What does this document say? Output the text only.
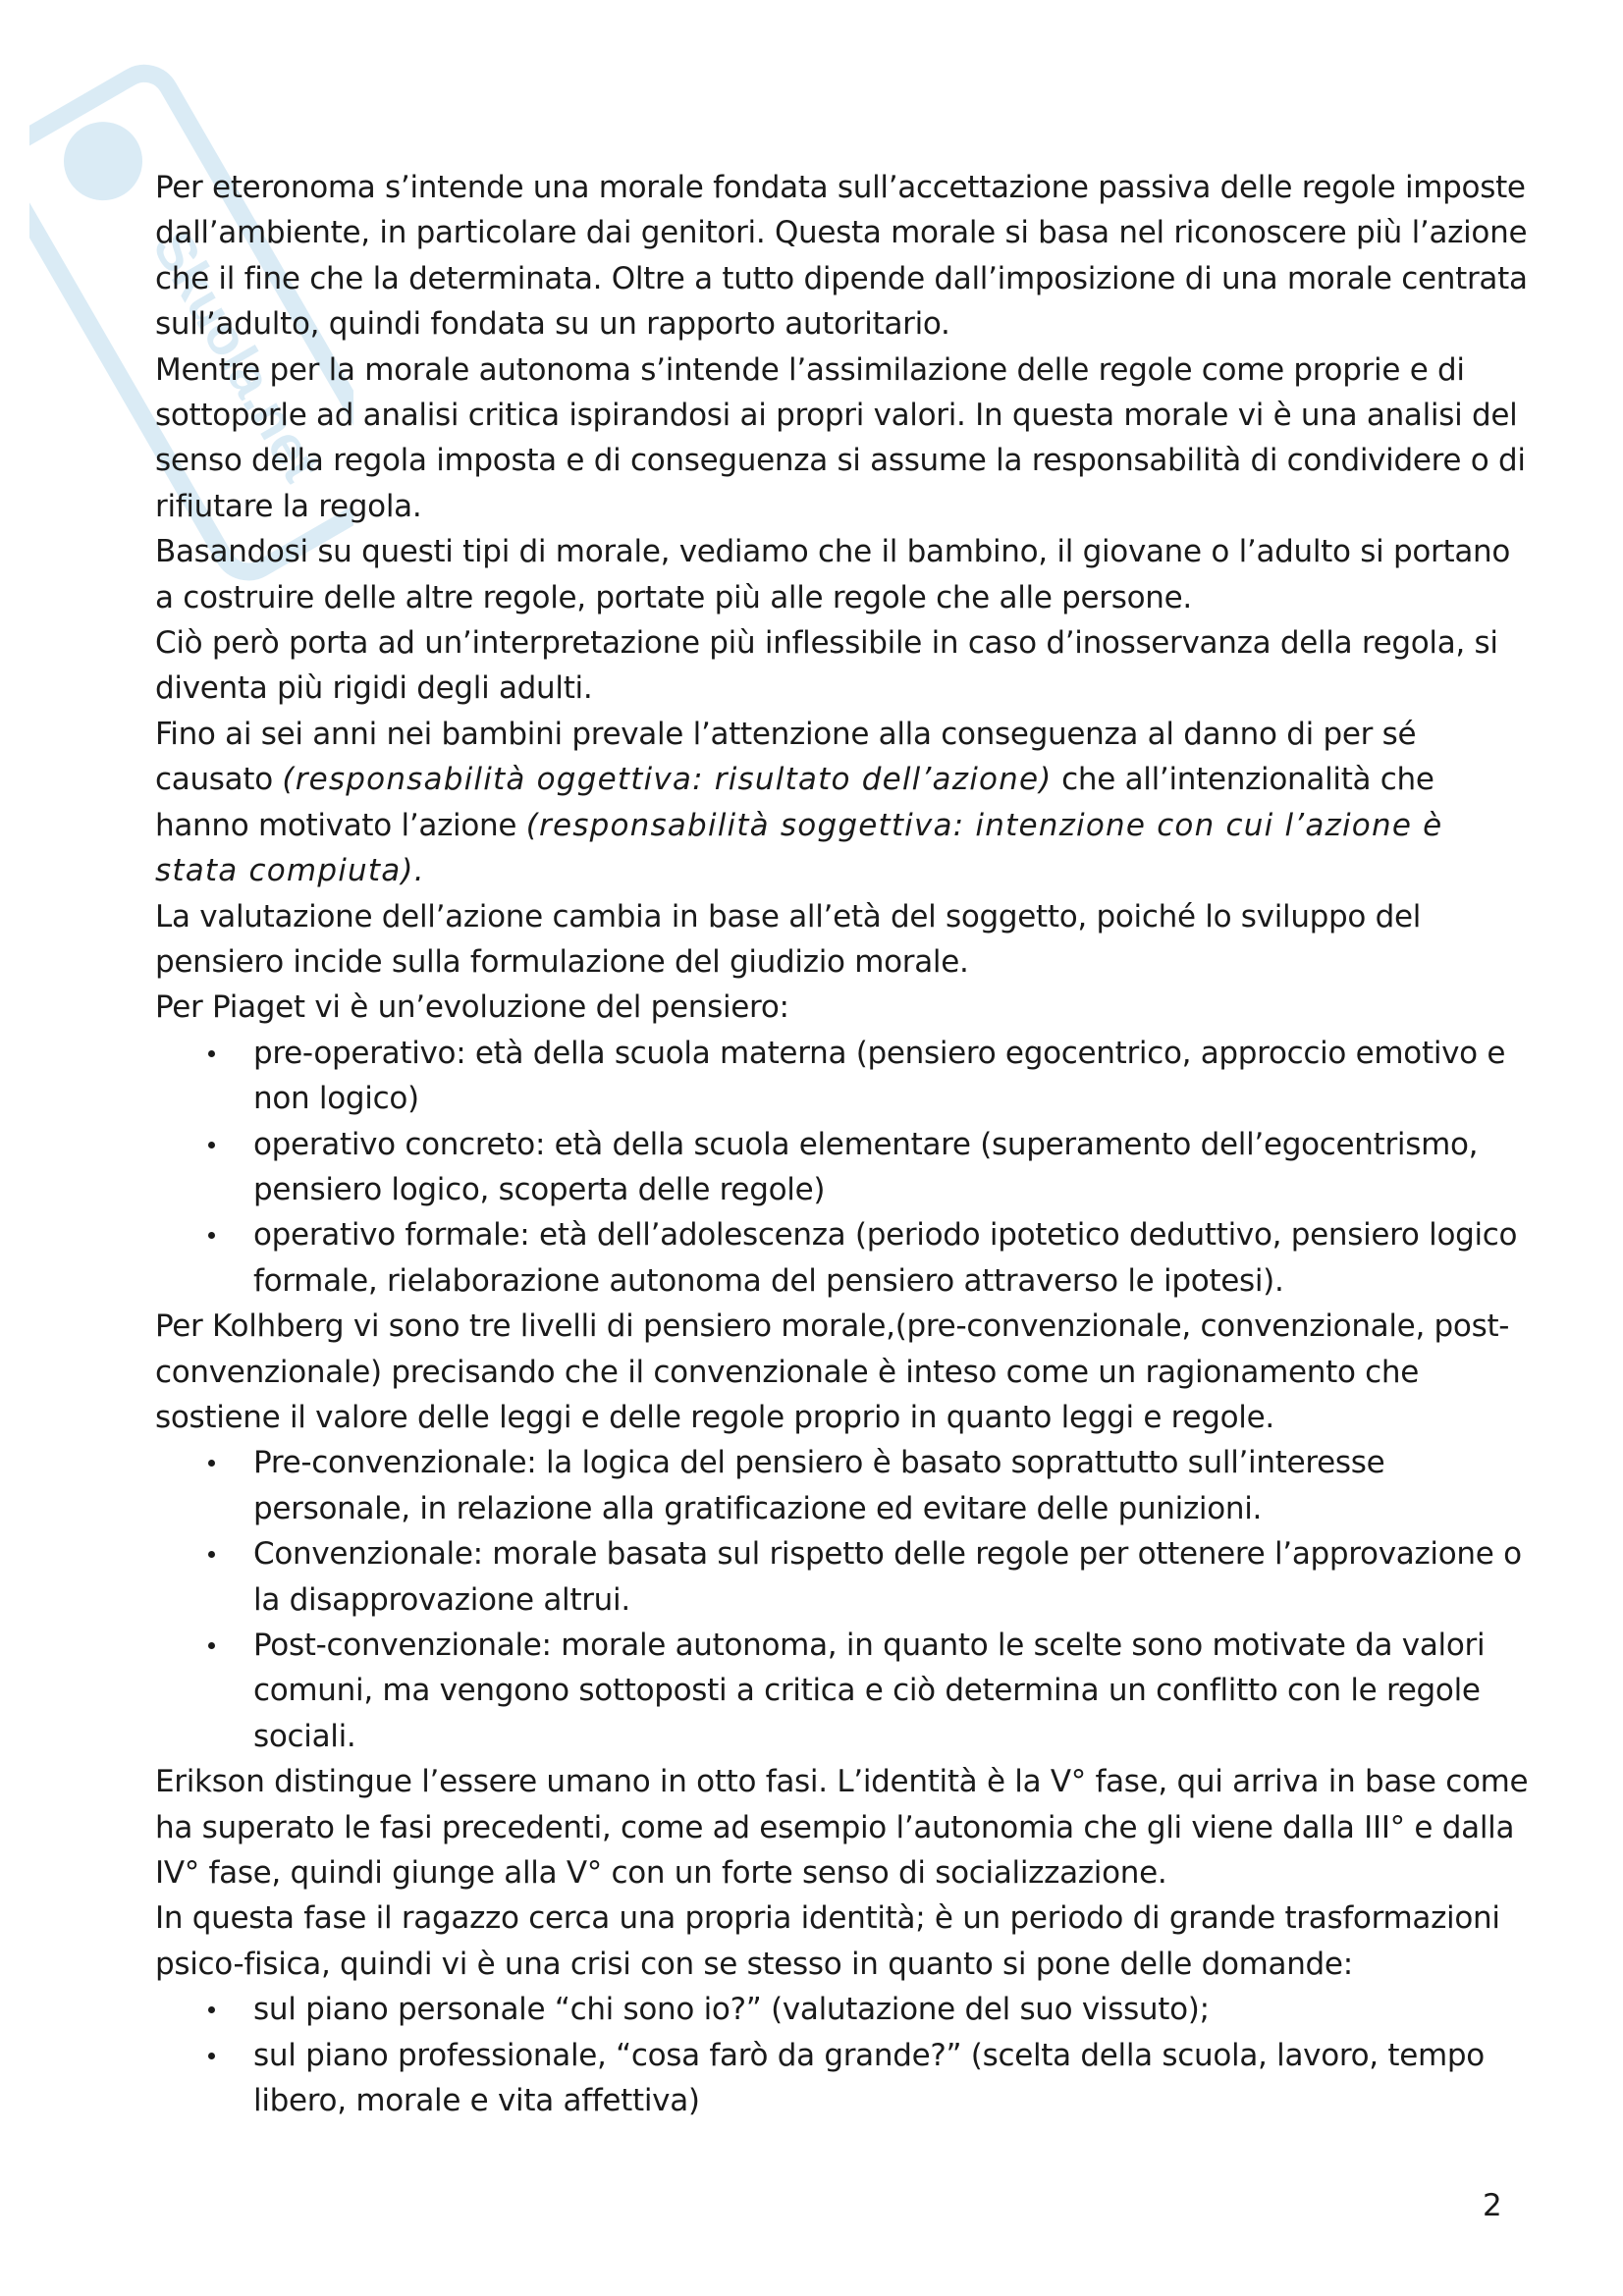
Skuola.net

Per eteronoma s’intende una morale fondata sull’accettazione passiva delle regole imposte dall’ambiente, in particolare dai genitori. Questa morale si basa nel riconoscere più l’azione che il fine che la determinata. Oltre a tutto dipende dall’imposizione di una morale centrata sull’adulto, quindi fondata su un rapporto autoritario.

Mentre per la morale autonoma s’intende l’assimilazione delle regole come proprie e di sottoporle ad analisi critica ispirandosi ai propri valori. In questa morale vi è una analisi del senso della regola imposta e di conseguenza si assume la responsabilità di condividere o di rifiutare la regola.

Basandosi su questi tipi di morale, vediamo che il bambino, il giovane o l’adulto si portano a costruire delle altre regole, portate più alle regole che alle persone.

Ciò però porta ad un’interpretazione più inflessibile in caso d’inosservanza della regola, si diventa più rigidi degli adulti.

Fino ai sei anni nei bambini prevale l’attenzione alla conseguenza al danno di per sé causato (responsabilità oggettiva: risultato dell’azione) che all’intenzionalità che hanno motivato l’azione (responsabilità soggettiva: intenzione con cui l’azione è stata compiuta).

La valutazione dell’azione cambia in base all’età del soggetto, poiché lo sviluppo del pensiero incide sulla formulazione del giudizio morale.

Per Piaget vi è un’evoluzione del pensiero:

pre-operativo: età della scuola materna (pensiero egocentrico, approccio emotivo e non logico)
operativo concreto: età della scuola elementare (superamento dell’egocentrismo, pensiero logico, scoperta delle regole)
operativo formale: età dell’adolescenza (periodo ipotetico deduttivo, pensiero logico formale, rielaborazione autonoma del pensiero attraverso le ipotesi).

Per Kolhberg vi sono tre livelli di pensiero morale,(pre-convenzionale, convenzionale, post-convenzionale) precisando che il convenzionale è inteso come un ragionamento che sostiene il valore delle leggi e delle regole proprio in quanto leggi e regole.

Pre-convenzionale: la logica del pensiero è basato soprattutto sull’interesse personale, in relazione alla gratificazione ed evitare delle punizioni.
Convenzionale: morale basata sul rispetto delle regole per ottenere l’approvazione o la disapprovazione altrui.
Post-convenzionale: morale autonoma, in quanto le scelte sono motivate da valori comuni, ma vengono sottoposti a critica e ciò determina un conflitto con le regole sociali.

Erikson distingue l’essere umano in otto fasi. L’identità è la V° fase, qui arriva in base come ha superato le fasi precedenti, come ad esempio l’autonomia che gli viene dalla III° e dalla IV° fase, quindi giunge alla V° con un forte senso di socializzazione.

In questa fase il ragazzo cerca una propria identità; è un periodo di grande trasformazioni psico-fisica, quindi vi è una crisi con se stesso in quanto si pone delle domande:

sul piano personale “chi sono io?” (valutazione del suo vissuto);
sul piano professionale, “cosa farò da grande?” (scelta della scuola, lavoro, tempo libero, morale e vita affettiva)
2
